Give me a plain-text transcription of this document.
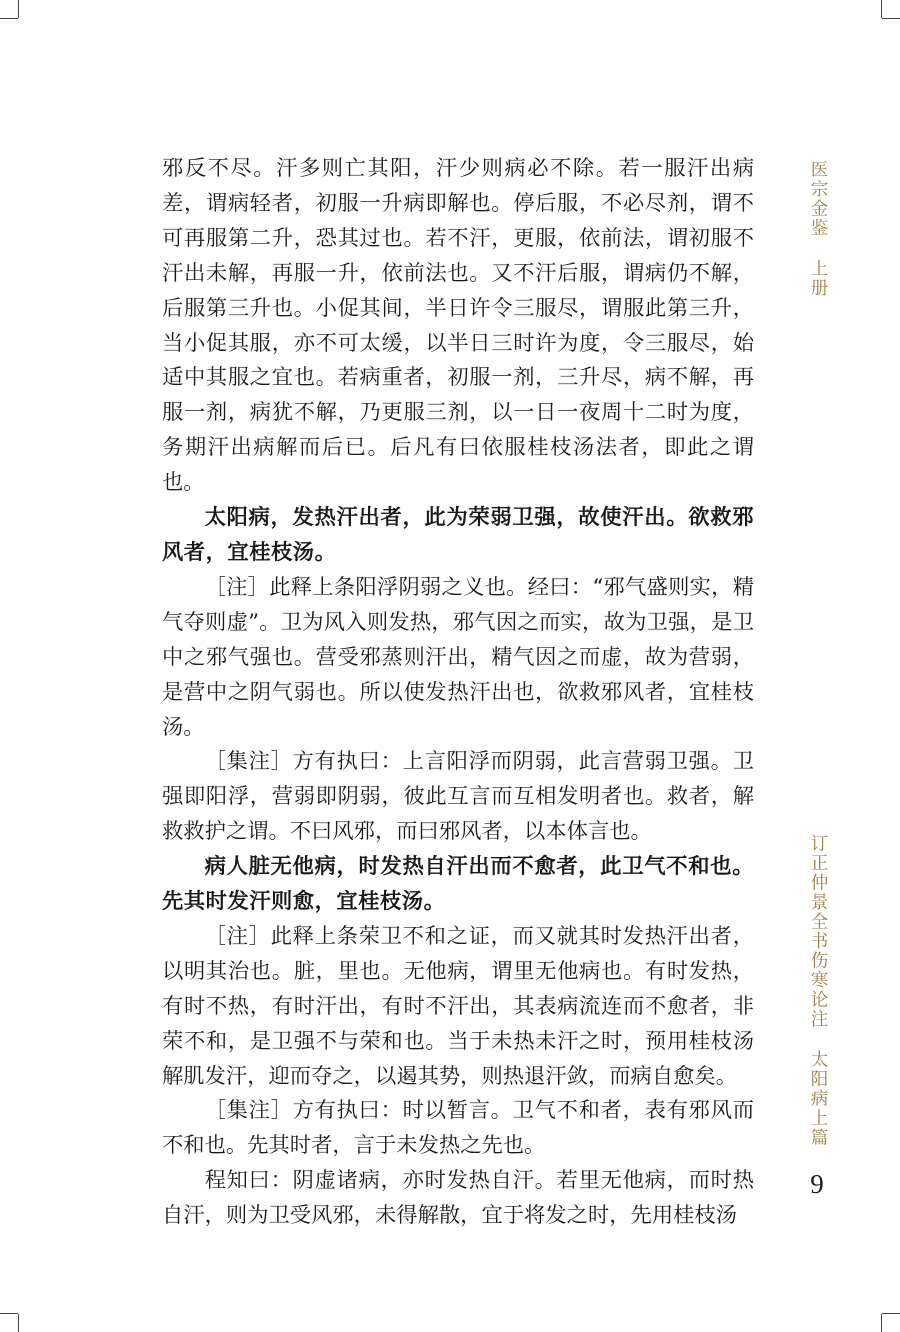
邪反不尽。汗多则亡其阳，汗少则病必不除。若一服汗出病差，谓病轻者，初服一升病即解也。停后服，不必尽剂，谓不可再服第二升，恐其过也。若不汗，更服，依前法，谓初服不汗出未解，再服一升，依前法也。又不汗后服，谓病仍不解，后服第三升也。小促其间，半日许令三服尽，谓服此第三升，当小促其服，亦不可太缓，以半日三时许为度，令三服尽，始适中其服之宜也。若病重者，初服一剂，三升尽，病不解，再服一剂，病犹不解，乃更服三剂，以一日一夜周十二时为度，务期汗出病解而后已。后凡有曰依服桂枝汤法者，即此之谓也。

太阳病，发热汗出者，此为荣弱卫强，故使汗出。欲救邪风者，宜桂枝汤。

［注］此释上条阳浮阴弱之义也。经曰：“邪气盛则实，精气夺则虚”。卫为风入则发热，邪气因之而实，故为卫强，是卫中之邪气强也。营受邪蒸则汗出，精气因之而虚，故为营弱，是营中之阴气弱也。所以使发热汗出也，欲救邪风者，宜桂枝汤。

［集注］方有执曰：上言阳浮而阴弱，此言营弱卫强。卫强即阳浮，营弱即阴弱，彼此互言而互相发明者也。救者，解救救护之谓。不曰风邪，而曰邪风者，以本体言也。

病人脏无他病，时发热自汗出而不愈者，此卫气不和也。先其时发汗则愈，宜桂枝汤。

［注］此释上条荣卫不和之证，而又就其时发热汗出者，以明其治也。脏，里也。无他病，谓里无他病也。有时发热，有时不热，有时汗出，有时不汗出，其表病流连而不愈者，非荣不和，是卫强不与荣和也。当于未热未汗之时，预用桂枝汤解肌发汗，迎而夺之，以遏其势，则热退汗敛，而病自愈矣。

［集注］方有执曰：时以暂言。卫气不和者，表有邪风而不和也。先其时者，言于未发热之先也。

程知曰：阴虚诸病，亦时发热自汗。若里无他病，而时热自汗，则为卫受风邪，未得解散，宜于将发之时，先用桂枝汤

医宗金鉴上册
订正仲景全书伤寒论注太阳病上篇
9
